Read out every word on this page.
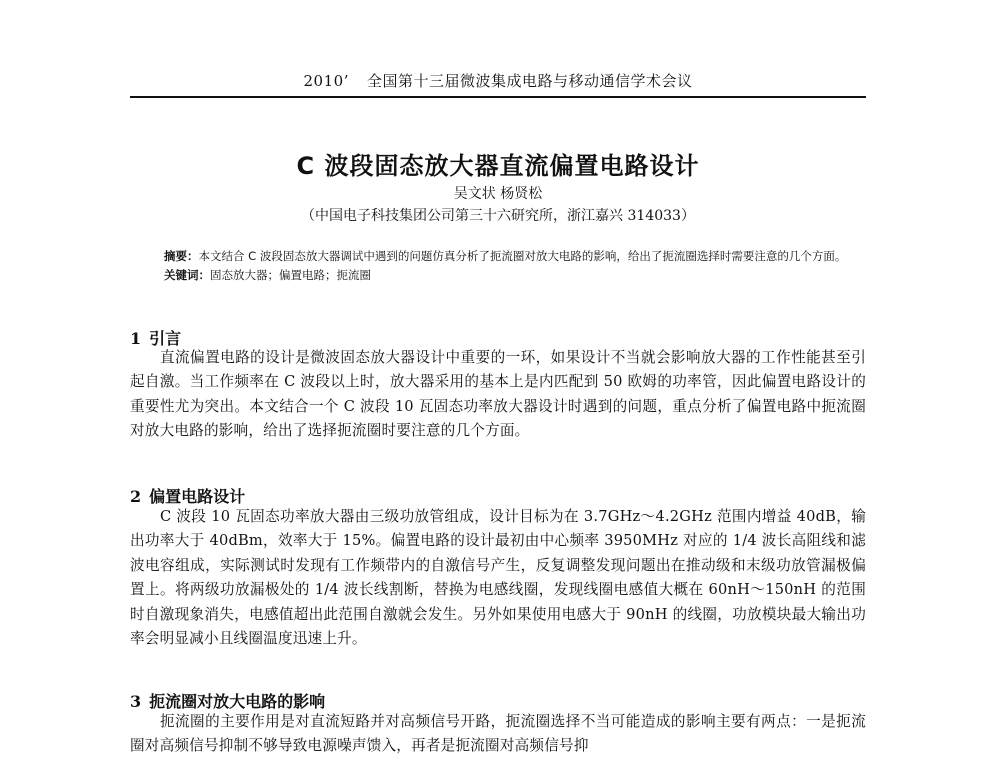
2010’ 全国第十三届微波集成电路与移动通信学术会议
C 波段固态放大器直流偏置电路设计
吴文状 杨贤松
（中国电子科技集团公司第三十六研究所，浙江嘉兴 314033）
摘要：本文结合 C 波段固态放大器调试中遇到的问题仿真分析了扼流圈对放大电路的影响，给出了扼流圈选择时需要注意的几个方面。
关键词：固态放大器；偏置电路；扼流圈
1 引言
直流偏置电路的设计是微波固态放大器设计中重要的一环，如果设计不当就会影响放大器的工作性能甚至引起自激。当工作频率在 C 波段以上时，放大器采用的基本上是内匹配到 50 欧姆的功率管，因此偏置电路设计的重要性尤为突出。本文结合一个 C 波段 10 瓦固态功率放大器设计时遇到的问题，重点分析了偏置电路中扼流圈对放大电路的影响，给出了选择扼流圈时要注意的几个方面。
2 偏置电路设计
C 波段 10 瓦固态功率放大器由三级功放管组成，设计目标为在 3.7GHz～4.2GHz 范围内增益 40dB，输出功率大于 40dBm，效率大于 15%。偏置电路的设计最初由中心频率 3950MHz 对应的 1/4 波长高阻线和滤波电容组成，实际测试时发现有工作频带内的自激信号产生，反复调整发现问题出在推动级和末级功放管漏极偏置上。将两级功放漏极处的 1/4 波长线割断，替换为电感线圈，发现线圈电感值大概在 60nH～150nH 的范围时自激现象消失，电感值超出此范围自激就会发生。另外如果使用电感大于 90nH 的线圈，功放模块最大输出功率会明显减小且线圈温度迅速上升。
3 扼流圈对放大电路的影响
扼流圈的主要作用是对直流短路并对高频信号开路，扼流圈选择不当可能造成的影响主要有两点：一是扼流圈对高频信号抑制不够导致电源噪声馈入，再者是扼流圈对高频信号抑
